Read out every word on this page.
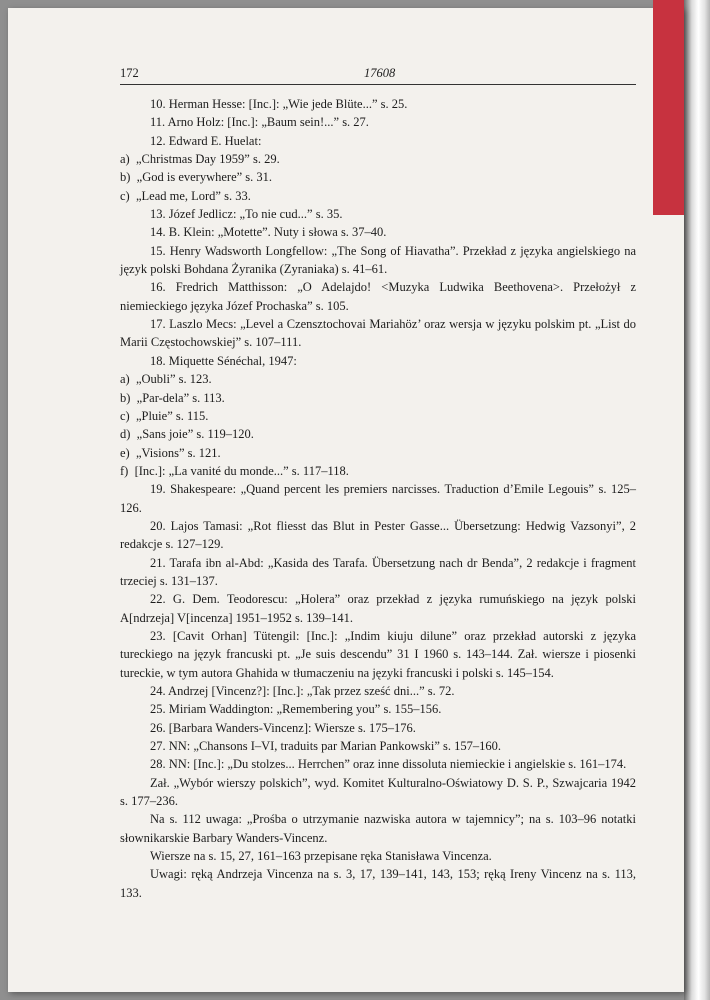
172	17608

10. Herman Hesse: [Inc.]: „Wie jede Blüte...” s. 25.

11. Arno Holz: [Inc.]: „Baum sein!...” s. 27.

12. Edward E. Huelat:

a)  „Christmas Day 1959” s. 29.

b)  „God is everywhere” s. 31.

c)  „Lead me, Lord” s. 33.

13. Józef Jedlicz: „To nie cud...” s. 35.

14. B. Klein: „Motette”. Nuty i słowa s. 37–40.

15. Henry Wadsworth Longfellow: „The Song of Hiavatha”. Przekład z języka angielskiego na język polski Bohdana Żyranika (Zyraniaka) s. 41–61.

16. Fredrich Matthisson: „O Adelajdo! <Muzyka Ludwika Beethovena>. Przełożył z niemieckiego języka Józef Prochaska” s. 105.

17. Laszlo Mecs: „Level a Czensztochovai Mariahöz’ oraz wersja w języku polskim pt. „List do Marii Częstochowskiej” s. 107–111.

18. Miquette Sénéchal, 1947:

a)  „Oubli” s. 123.

b)  „Par-dela” s. 113.

c)  „Pluie” s. 115.

d)  „Sans joie” s. 119–120.

e)  „Visions” s. 121.

f)  [Inc.]: „La vanité du monde...” s. 117–118.

19. Shakespeare: „Quand percent les premiers narcisses. Traduction d’Emile Legouis” s. 125–126.

20. Lajos Tamasi: „Rot fliesst das Blut in Pester Gasse... Übersetzung: Hedwig Vazsonyi”, 2 redakcje s. 127–129.

21. Tarafa ibn al-Abd: „Kasida des Tarafa. Übersetzung nach dr Benda”, 2 redakcje i fragment trzeciej s. 131–137.

22. G. Dem. Teodorescu: „Holera” oraz przekład z języka rumuńskiego na język polski A[ndrzeja] V[incenza] 1951–1952 s. 139–141.

23. [Cavit Orhan] Tütengil: [Inc.]: „Indim kiuju dilune” oraz przekład autorski z języka tureckiego na język francuski pt. „Je suis descendu” 31 I 1960 s. 143–144. Zał. wiersze i piosenki tureckie, w tym autora Ghahida w tłumaczeniu na języki francuski i polski s. 145–154.

24. Andrzej [Vincenz?]: [Inc.]: „Tak przez sześć dni...” s. 72.

25. Miriam Waddington: „Remembering you” s. 155–156.

26. [Barbara Wanders-Vincenz]: Wiersze s. 175–176.

27. NN: „Chansons I–VI, traduits par Marian Pankowski” s. 157–160.

28. NN: [Inc.]: „Du stolzes... Herrchen” oraz inne dissoluta niemieckie i angielskie s. 161–174.

Zał. „Wybór wierszy polskich”, wyd. Komitet Kulturalno-Oświatowy D. S. P., Szwajcaria 1942 s. 177–236.

Na s. 112 uwaga: „Prośba o utrzymanie nazwiska autora w tajemnicy”; na s. 103–96 notatki słownikarskie Barbary Wanders-Vincenz.

Wiersze na s. 15, 27, 161–163 przepisane ręka Stanisława Vincenza.

Uwagi: ręką Andrzeja Vincenza na s. 3, 17, 139–141, 143, 153; ręką Ireny Vincenz na s. 113, 133.
